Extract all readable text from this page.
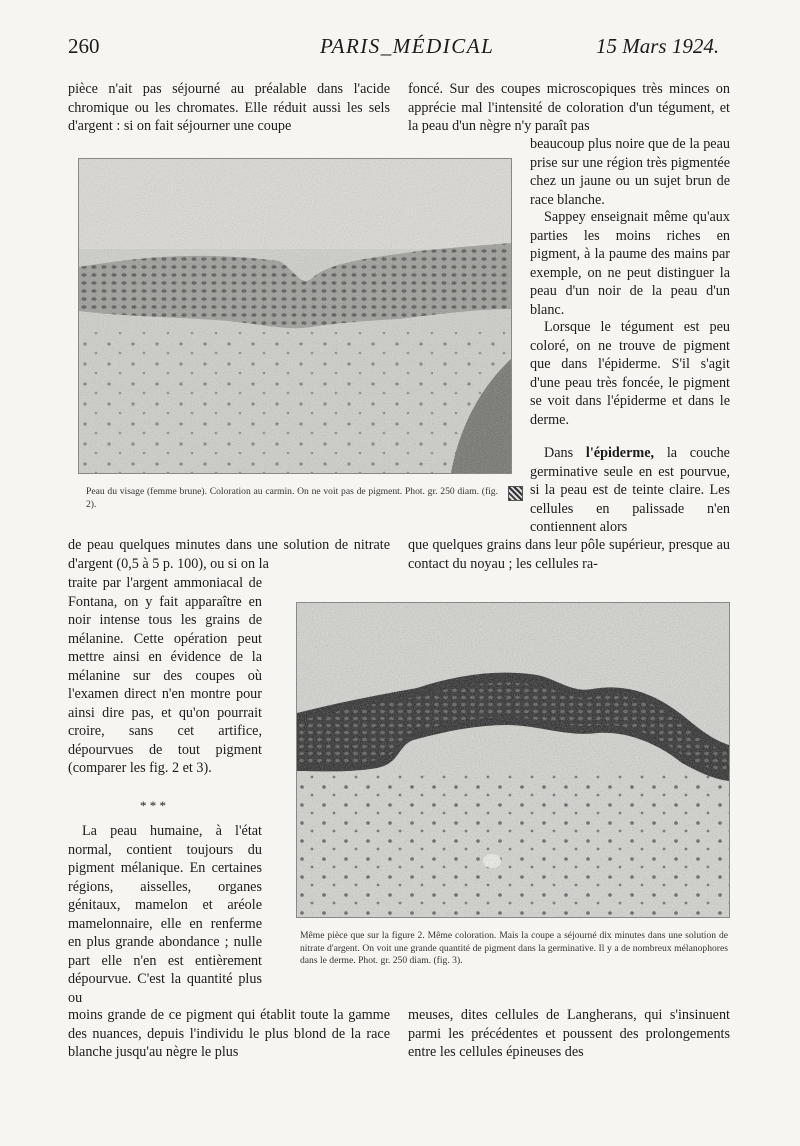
260	PARIS_MÉDICAL	15 Mars 1924.
pièce n'ait pas séjourné au préalable dans l'acide chromique ou les chromates. Elle réduit aussi les sels d'argent : si on fait séjourner une coupe
foncé. Sur des coupes microscopiques très minces on apprécie mal l'intensité de coloration d'un tégument, et la peau d'un nègre n'y paraît pas
Peau du visage (femme brune). Coloration au carmin. On ne voit pas de pigment. Phot. gr. 250 diam. (fig. 2).
beaucoup plus noire que de la peau prise sur une région très pigmentée chez un jaune ou un sujet brun de race blanche.
Sappey enseignait même qu'aux parties les moins riches en pigment, à la paume des mains par exemple, on ne peut distinguer la peau d'un noir de la peau d'un blanc.
Lorsque le tégument est peu coloré, on ne trouve de pigment que dans l'épiderme. S'il s'agit d'une peau très foncée, le pigment se voit dans l'épiderme et dans le derme.
Dans l'épiderme, la couche germinative seule en est pourvue, si la peau est de teinte claire. Les cellules en palissade n'en contiennent alors
de peau quelques minutes dans une solution de nitrate d'argent (0,5 à 5 p. 100), ou si on la
que quelques grains dans leur pôle supérieur, presque au contact du noyau ; les cellules ra-
traite par l'argent ammoniacal de Fontana, on y fait apparaître en noir intense tous les grains de mélanine. Cette opération peut mettre ainsi en évidence de la mélanine sur des coupes où l'examen direct n'en montre pour ainsi dire pas, et qu'on pourrait croire, sans cet artifice, dépourvues de tout pigment (comparer les fig. 2 et 3).
* * *
La peau humaine, à l'état normal, contient toujours du pigment mélanique. En certaines régions, aisselles, organes génitaux, mamelon et aréole mamelonnaire, elle en renferme en plus grande abondance ; nulle part elle n'en est entièrement dépourvue. C'est la quantité plus ou
Même pièce que sur la figure 2. Même coloration. Mais la coupe a séjourné dix minutes dans une solution de nitrate d'argent. On voit une grande quantité de pigment dans la germinative. Il y a de nombreux mélanophores dans le derme. Phot. gr. 250 diam. (fig. 3).
moins grande de ce pigment qui établit toute la gamme des nuances, depuis l'individu le plus blond de la race blanche jusqu'au nègre le plus
meuses, dites cellules de Langherans, qui s'insinuent parmi les précédentes et poussent des prolongements entre les cellules épineuses des
